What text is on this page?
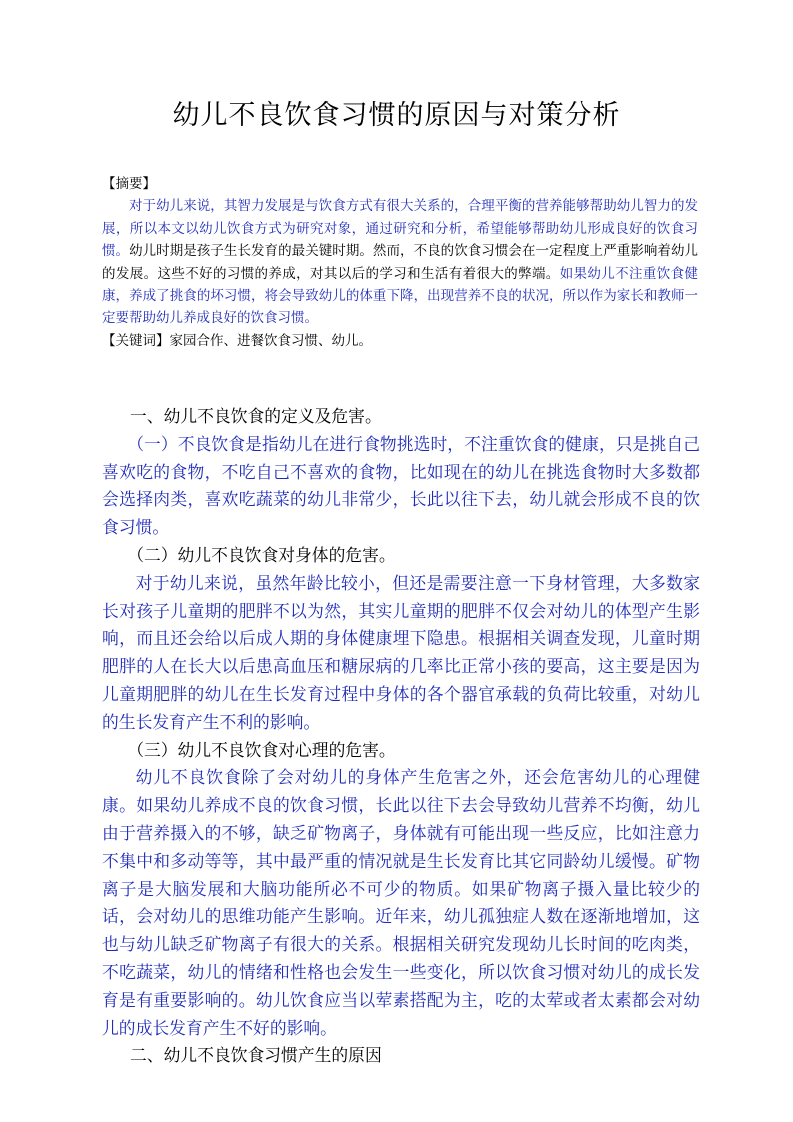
幼儿不良饮食习惯的原因与对策分析

【摘要】

对于幼儿来说，其智力发展是与饮食方式有很大关系的，合理平衡的营养能够帮助幼儿智力的发展，所以本文以幼儿饮食方式为研究对象，通过研究和分析，希望能够帮助幼儿形成良好的饮食习惯。幼儿时期是孩子生长发育的最关键时期。然而，不良的饮食习惯会在一定程度上严重影响着幼儿的发展。这些不好的习惯的养成，对其以后的学习和生活有着很大的弊端。如果幼儿不注重饮食健康，养成了挑食的坏习惯，将会导致幼儿的体重下降，出现营养不良的状况，所以作为家长和教师一定要帮助幼儿养成良好的饮食习惯。

【关键词】家园合作、进餐饮食习惯、幼儿。

一、幼儿不良饮食的定义及危害。

（一）不良饮食是指幼儿在进行食物挑选时，不注重饮食的健康，只是挑自己喜欢吃的食物，不吃自己不喜欢的食物，比如现在的幼儿在挑选食物时大多数都会选择肉类，喜欢吃蔬菜的幼儿非常少，长此以往下去，幼儿就会形成不良的饮食习惯。

（二）幼儿不良饮食对身体的危害。

对于幼儿来说，虽然年龄比较小，但还是需要注意一下身材管理，大多数家长对孩子儿童期的肥胖不以为然，其实儿童期的肥胖不仅会对幼儿的体型产生影响，而且还会给以后成人期的身体健康埋下隐患。根据相关调查发现，儿童时期肥胖的人在长大以后患高血压和糖尿病的几率比正常小孩的要高，这主要是因为儿童期肥胖的幼儿在生长发育过程中身体的各个器官承载的负荷比较重，对幼儿的生长发育产生不利的影响。

（三）幼儿不良饮食对心理的危害。

幼儿不良饮食除了会对幼儿的身体产生危害之外，还会危害幼儿的心理健康。如果幼儿养成不良的饮食习惯，长此以往下去会导致幼儿营养不均衡，幼儿由于营养摄入的不够，缺乏矿物离子，身体就有可能出现一些反应，比如注意力不集中和多动等等，其中最严重的情况就是生长发育比其它同龄幼儿缓慢。矿物离子是大脑发展和大脑功能所必不可少的物质。如果矿物离子摄入量比较少的话，会对幼儿的思维功能产生影响。近年来，幼儿孤独症人数在逐渐地增加，这也与幼儿缺乏矿物离子有很大的关系。根据相关研究发现幼儿长时间的吃肉类，不吃蔬菜，幼儿的情绪和性格也会发生一些变化，所以饮食习惯对幼儿的成长发育是有重要影响的。幼儿饮食应当以荤素搭配为主，吃的太荤或者太素都会对幼儿的成长发育产生不好的影响。

二、幼儿不良饮食习惯产生的原因
